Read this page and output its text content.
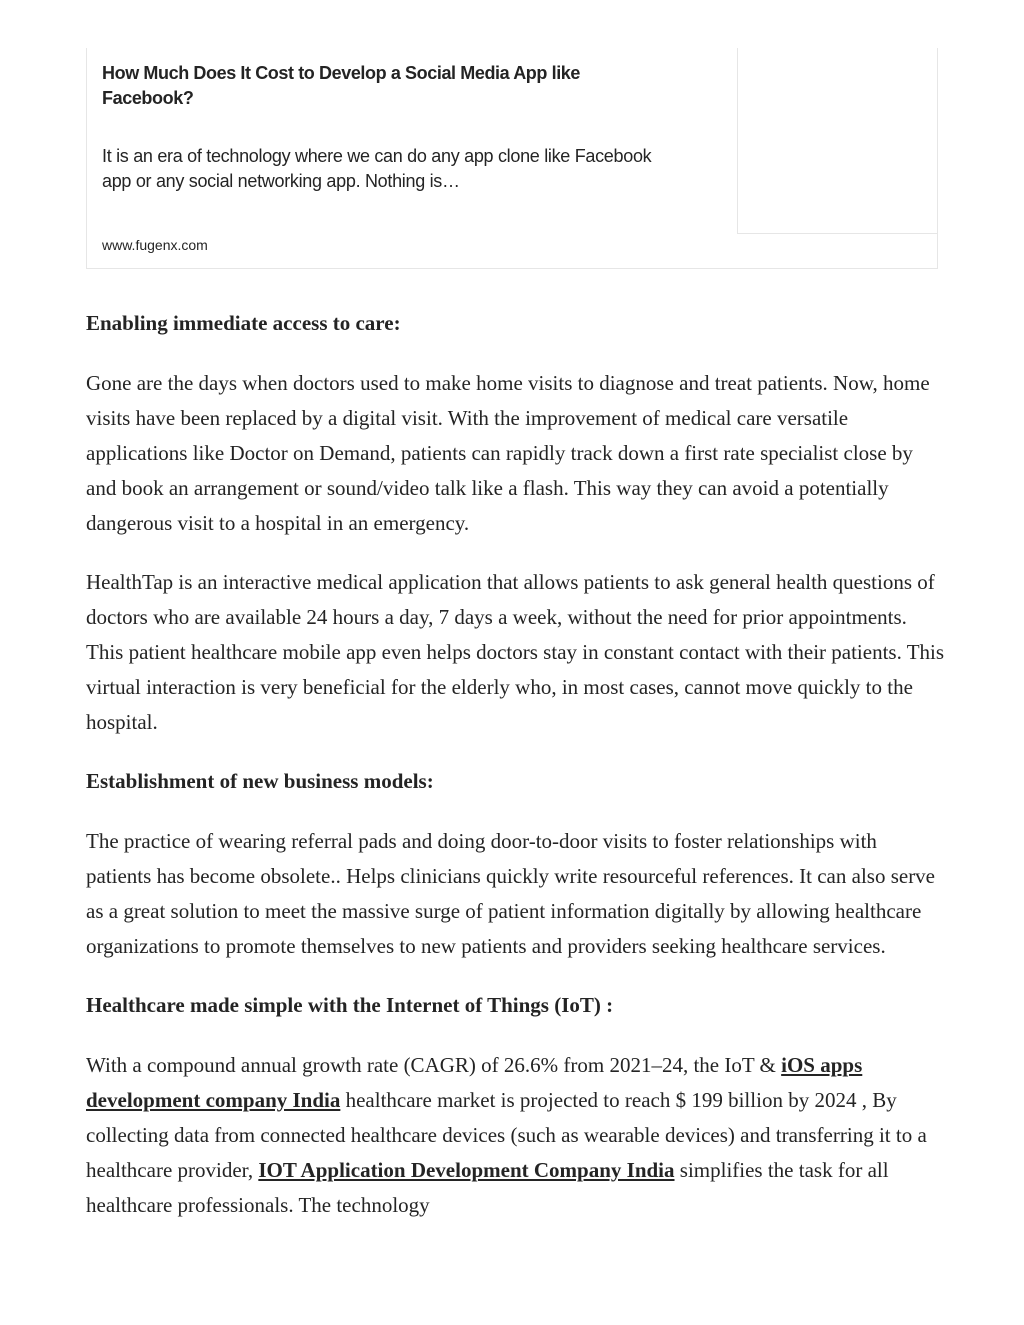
How Much Does It Cost to Develop a Social Media App like Facebook?

It is an era of technology where we can do any app clone like Facebook app or any social networking app. Nothing is…

www.fugenx.com
Enabling immediate access to care:

Gone are the days when doctors used to make home visits to diagnose and treat patients. Now, home visits have been replaced by a digital visit. With the improvement of medical care versatile applications like Doctor on Demand, patients can rapidly track down a first rate specialist close by and book an arrangement or sound/video talk like a flash. This way they can avoid a potentially dangerous visit to a hospital in an emergency.

HealthTap is an interactive medical application that allows patients to ask general health questions of doctors who are available 24 hours a day, 7 days a week, without the need for prior appointments. This patient healthcare mobile app even helps doctors stay in constant contact with their patients. This virtual interaction is very beneficial for the elderly who, in most cases, cannot move quickly to the hospital.

Establishment of new business models:

The practice of wearing referral pads and doing door-to-door visits to foster relationships with patients has become obsolete.. Helps clinicians quickly write resourceful references. It can also serve as a great solution to meet the massive surge of patient information digitally by allowing healthcare organizations to promote themselves to new patients and providers seeking healthcare services.

Healthcare made simple with the Internet of Things (IoT) :

With a compound annual growth rate (CAGR) of 26.6% from 2021–24, the IoT & iOS apps development company India healthcare market is projected to reach $ 199 billion by 2024 , By collecting data from connected healthcare devices (such as wearable devices) and transferring it to a healthcare provider, IOT Application Development Company India simplifies the task for all healthcare professionals. The technology
